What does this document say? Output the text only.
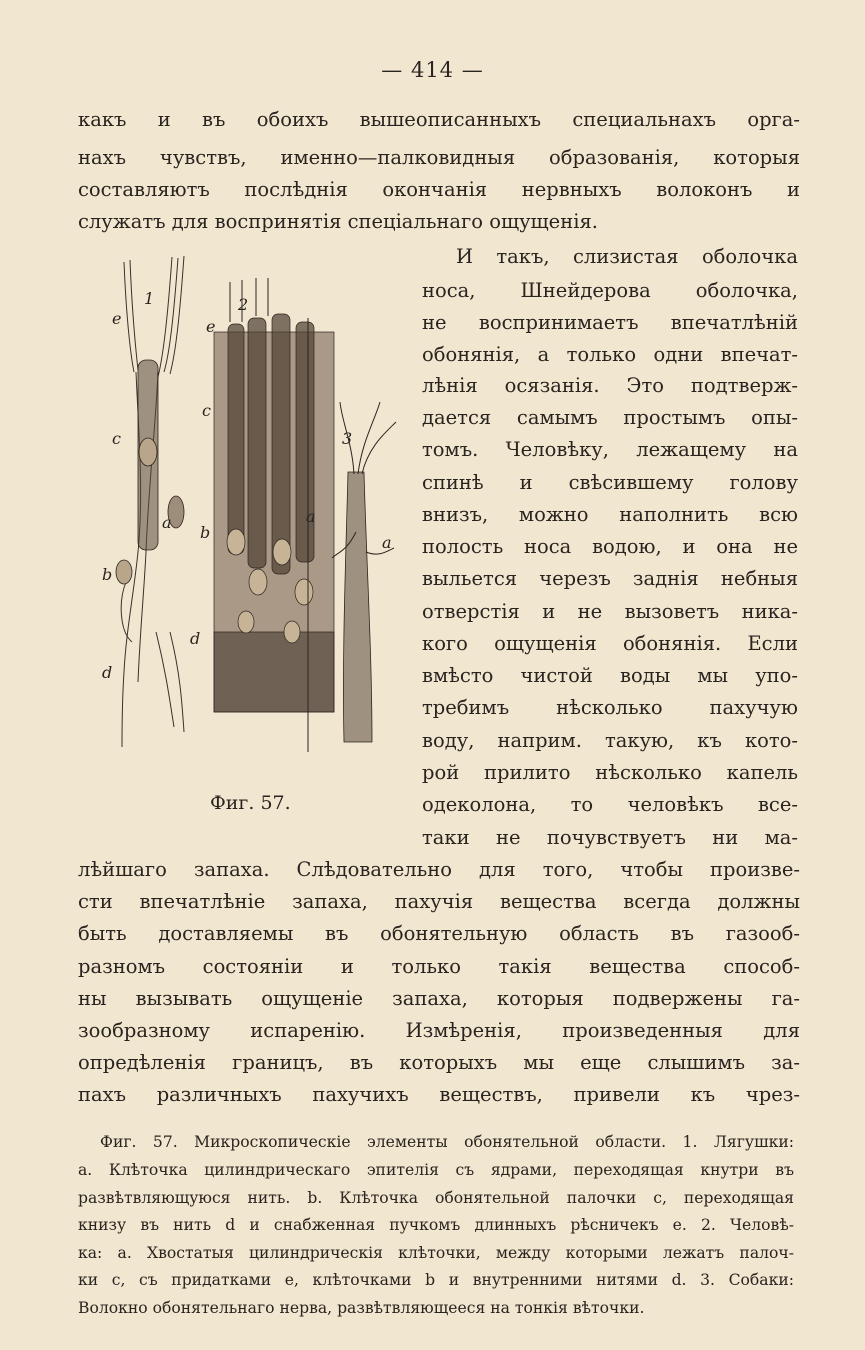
— 414 —
какъ и въ обоихъ вышеописанныхъ специальнахъ орга-
нахъ чувствъ, именно—палковидныя образованія, которыя
составляютъ послѣднія окончанія нервныхъ волоконъ и
служатъ для воспринятія спеціальнаго ощущенія.
И такъ, слизистая оболочка
носа, Шнейдерова оболочка,
не воспринимаетъ впечатлѣній
обонянія, а только одни впечат-
лѣнія осязанія. Это подтверж-
дается самымъ простымъ опы-
томъ. Человѣку, лежащему на
спинѣ и свѣсившему голову
внизъ, можно наполнить всю
полость носа водою, и она не
выльется черезъ заднія небныя
отверстія и не вызоветъ ника-
кого ощущенія обонянія. Если
вмѣсто чистой воды мы упо-
требимъ нѣсколько пахучую
воду, наприм. такую, къ кото-
рой прилито нѣсколько капель
одеколона, то человѣкъ все-
таки не почувствуетъ ни ма-
лѣйшаго запаха. Слѣдовательно для того, чтобы произве-
сти впечатлѣніе запаха, пахучія вещества всегда должны
быть доставляемы въ обонятельную область въ газооб-
разномъ состояніи и только такія вещества способ-
ны вызывать ощущеніе запаха, которыя подвержены га-
зообразному испаренію. Измѣренія, произведенныя для
опредѣленія границъ, въ которыхъ мы еще слышимъ за-
пахъ различныхъ пахучихъ веществъ, привели къ чрез-
1	2
3
e
c
a
b
d
e
c
b
d
a
a
Фиг. 57.
Фиг. 57. Микроскопическіе элементы обонятельной области. 1. Лягушки:
a. Клѣточка цилиндрическаго эпителія съ ядрами, переходящая кнутри въ
развѣтвляющуюся нить. b. Клѣточка обонятельной палочки c, переходящая
книзу въ нить d и снабженная пучкомъ длинныхъ рѣсничекъ e. 2. Человѣ-
ка: a. Хвостатыя цилиндрическія клѣточки, между которыми лежатъ палоч-
ки c, съ придатками e, клѣточками b и внутренними нитями d. 3. Собаки:
Волокно обонятельнаго нерва, развѣтвляющееся на тонкія вѣточки.
